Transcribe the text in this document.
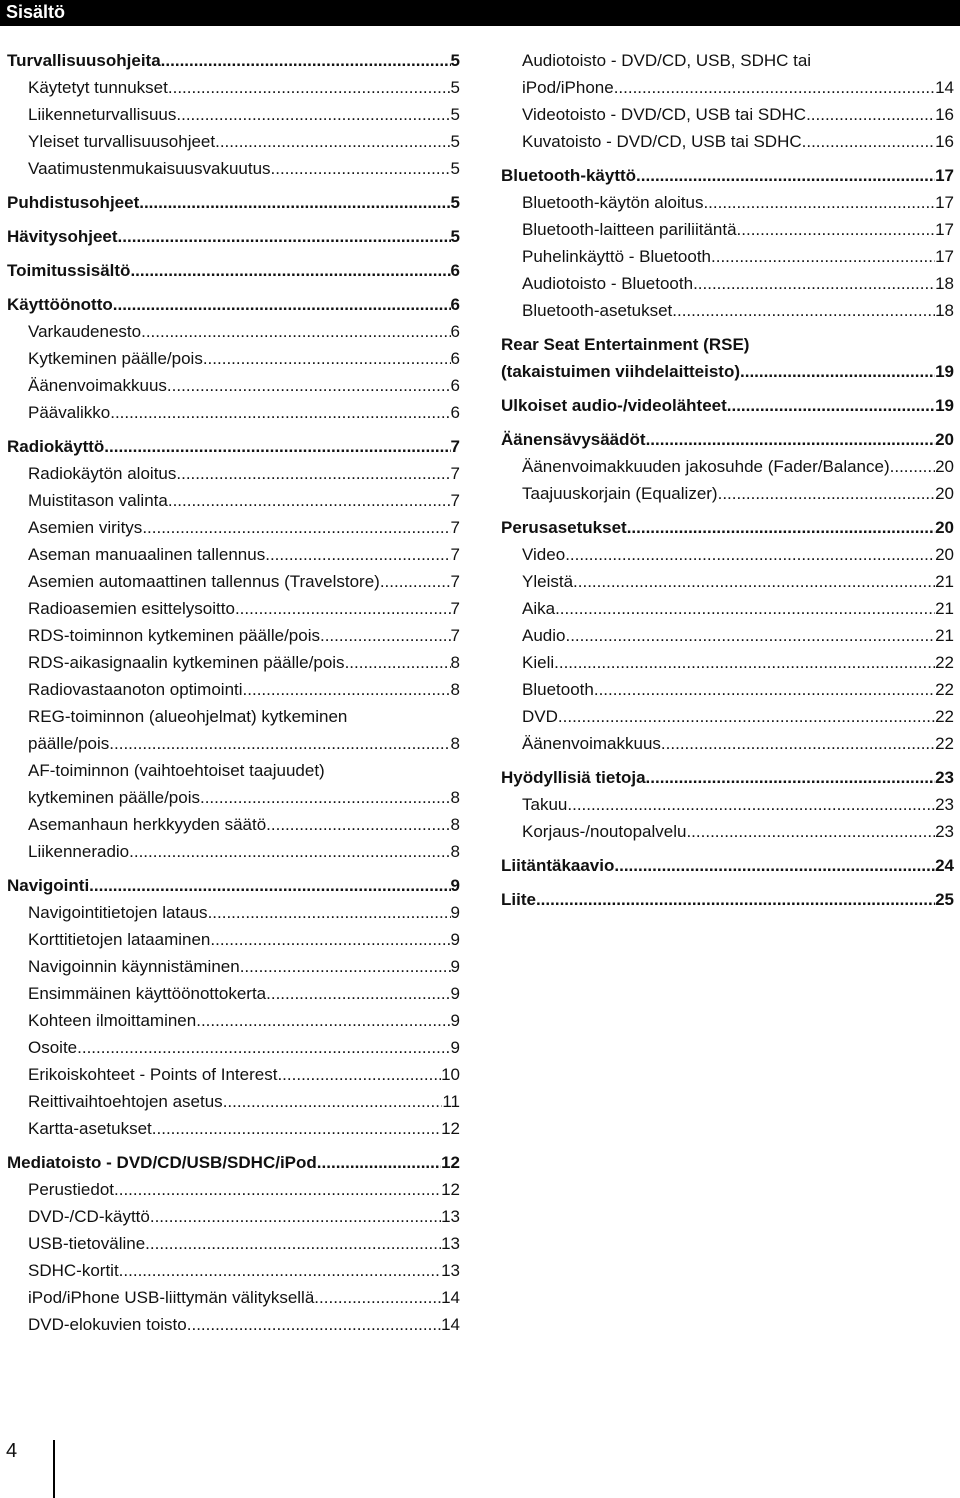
Sisältö
Turvallisuusohjeita .....	5
Käytetyt tunnukset .....	5
Liikenneturvallisuus .....	5
Yleiset turvallisuusohjeet .....	5
Vaatimustenmukaisuusvakuutus .....	5
Puhdistusohjeet .....	5
Hävitysohjeet .....	5
Toimitussisältö .....	6
Käyttöönotto .....	6
Varkaudenesto .....	6
Kytkeminen päälle/pois .....	6
Äänenvoimakkuus .....	6
Päävalikko .....	6
Radiokäyttö .....	7
Radiokäytön aloitus .....	7
Muistitason valinta .....	7
Asemien viritys .....	7
Aseman manuaalinen tallennus .....	7
Asemien automaattinen tallennus (Travelstore) .....	7
Radioasemien esittelysoitto .....	7
RDS-toiminnon kytkeminen päälle/pois .....	7
RDS-aikasignaalin kytkeminen päälle/pois .....	8
Radiovastaanoton optimointi .....	8
REG-toiminnon (alueohjelmat) kytkeminen
päälle/pois .....	8
AF-toiminnon (vaihtoehtoiset taajuudet)
kytkeminen päälle/pois .....	8
Asemanhaun herkkyyden säätö .....	8
Liikenneradio .....	8
Navigointi .....	9
Navigointitietojen lataus .....	9
Korttitietojen lataaminen .....	9
Navigoinnin käynnistäminen .....	9
Ensimmäinen käyttöönottokerta .....	9
Kohteen ilmoittaminen .....	9
Osoite .....	9
Erikoiskohteet - Points of Interest .....	10
Reittivaihtoehtojen asetus .....	11
Kartta-asetukset .....	12
Mediatoisto - DVD/CD/USB/SDHC/iPod .....	12
Perustiedot .....	12
DVD-/CD-käyttö .....	13
USB-tietoväline .....	13
SDHC-kortit .....	13
iPod/iPhone USB-liittymän välityksellä .....	14
DVD-elokuvien toisto .....	14
Audiotoisto - DVD/CD, USB, SDHC tai
iPod/iPhone .....	14
Videotoisto - DVD/CD, USB tai SDHC .....	16
Kuvatoisto - DVD/CD, USB tai SDHC .....	16
Bluetooth-käyttö .....	17
Bluetooth-käytön aloitus .....	17
Bluetooth-laitteen pariliitäntä .....	17
Puhelinkäyttö - Bluetooth .....	17
Audiotoisto - Bluetooth .....	18
Bluetooth-asetukset .....	18
Rear Seat Entertainment (RSE)
(takaistuimen viihdelaitteisto) .....	19
Ulkoiset audio-/videolähteet .....	19
Äänensävysäädöt .....	20
Äänenvoimakkuuden jakosuhde (Fader/Balance) .....	20
Taajuuskorjain (Equalizer) .....	20
Perusasetukset .....	20
Video .....	20
Yleistä .....	21
Aika .....	21
Audio .....	21
Kieli .....	22
Bluetooth .....	22
DVD .....	22
Äänenvoimakkuus .....	22
Hyödyllisiä tietoja .....	23
Takuu .....	23
Korjaus-/noutopalvelu .....	23
Liitäntäkaavio .....	24
Liite .....	25
4
